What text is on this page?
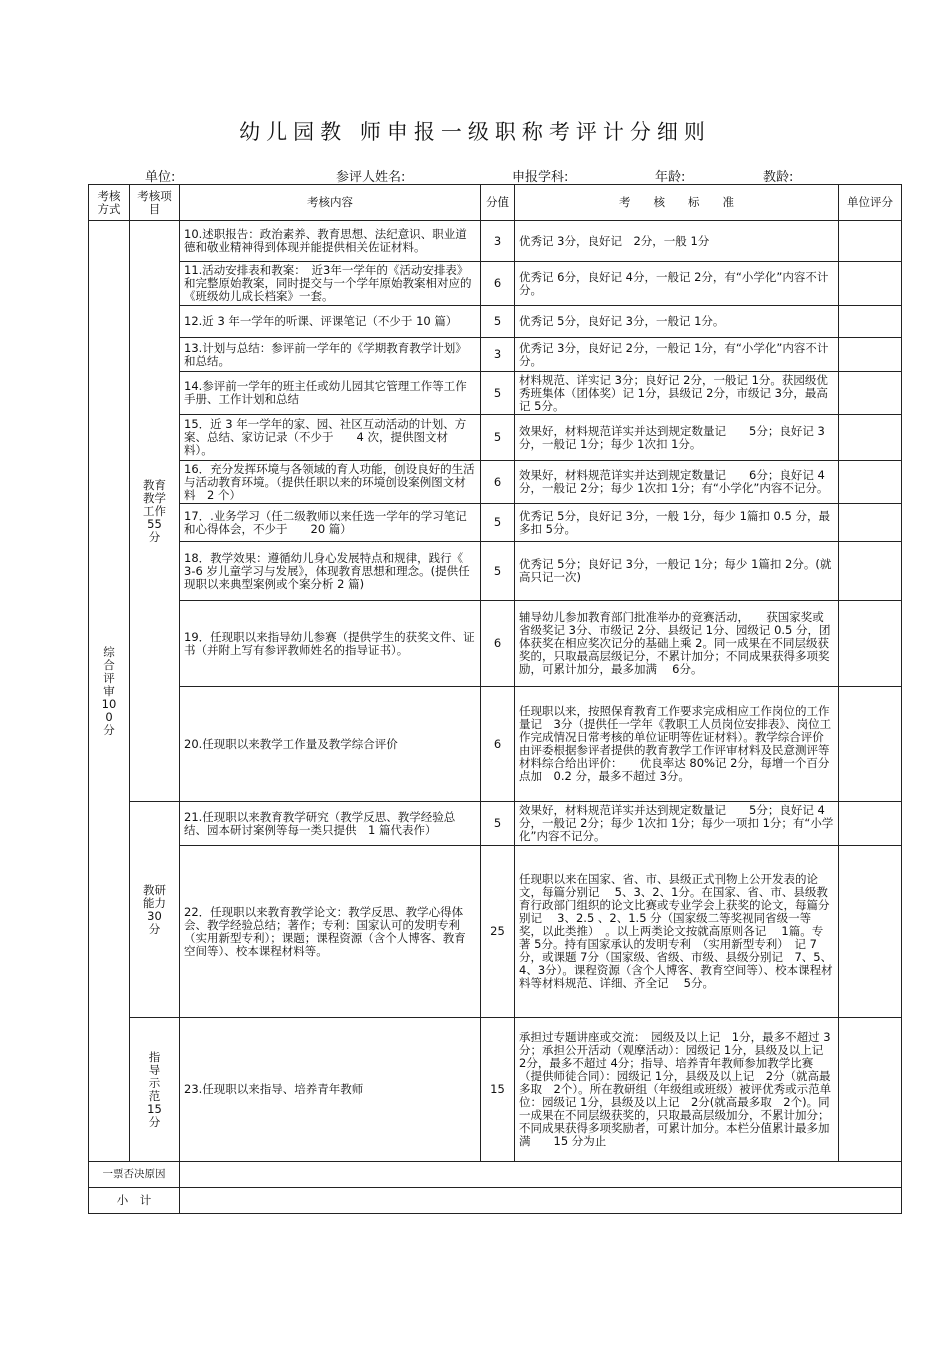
幼儿园教 师申报一级职称考评计分细则
单位:	参评人姓名:	申报学科:	年龄:	教龄:
考核方式	考核项目	考核内容	分值	考　　核　　标　　准	单位评分

综合评审100分	教育教学工作55分	10.述职报告：政治素养、教育思想、法纪意识、职业道德和敬业精神得到体现并能提供相关佐证材料。	3	优秀记 3分，良好记　2分，一般 1分	
		11.活动安排表和教案：　近3年一学年的《活动安排表》和完整原始教案，同时提交与一个学年原始教案相对应的《班级幼儿成长档案》一套。	6	优秀记 6分，良好记 4分，一般记 2分，有“小学化”内容不计分。	
		12.近 3 年一学年的听课、评课笔记（不少于 10 篇）	5	优秀记 5分，良好记 3分，一般记 1分。	
		13.计划与总结：参评前一学年的《学期教育教学计划》和总结。	3	优秀记 3分，良好记 2分，一般记 1分，有“小学化”内容不计分。	
		14.参评前一学年的班主任或幼儿园其它管理工作等工作手册、工作计划和总结	5	材料规范、详实记 3分；良好记 2分，一般记 1分。获园级优秀班集体（团体奖）记 1分，县级记 2分，市级记 3分，最高记 5分。	
		15．近 3 年一学年的家、园、社区互动活动的计划、方案、总结、家访记录（不少于　　4 次，提供图文材料）。	5	效果好，材料规范详实并达到规定数量记　　5分；良好记 3分，一般记 1分；每少 1次扣 1分。	
		16．充分发挥环境与各领域的育人功能，创设良好的生活与活动教育环境。（提供任职以来的环境创设案例图文材料　2 个）	6	效果好，材料规范详实并达到规定数量记　　6分；良好记 4分，一般记 2分；每少 1次扣 1分；有“小学化”内容不记分。	
		17．.业务学习（任二级教师以来任选一学年的学习笔记和心得体会，不少于　　20 篇）	5	优秀记 5分，良好记 3分，一般 1分，每少 1篇扣 0.5 分，最多扣 5分。	
		18．教学效果：遵循幼儿身心发展特点和规律，践行《 3-6 岁儿童学习与发展》，体现教育思想和理念。(提供任现职以来典型案例或个案分析 2 篇)	5	优秀记 5分；良好记 3分，一般记 1分；每少 1篇扣 2分。(就高只记一次)	
		19．任现职以来指导幼儿参赛（提供学生的获奖文件、证书（并附上写有参评教师姓名的指导证书）。	6	辅导幼儿参加教育部门批准举办的竞赛活动，　　获国家奖或省级奖记 3分、市级记 2分、县级记 1分、园级记 0.5 分，团体获奖在相应奖次记分的基础上乘 2。同一成果在不同层级获奖的，只取最高层级记分，不累计加分；不同成果获得多项奖励，可累计加分，最多加满　 6分。	
		20.任现职以来教学工作量及教学综合评价	6	任现职以来，按照保育教育工作要求完成相应工作岗位的工作量记　3分（提供任一学年《教职工人员岗位安排表》、岗位工作完成情况日常考核的单位证明等佐证材料）。教学综合评价由评委根据参评者提供的教育教学工作评审材料及民意测评等材料综合给出评价：　　优良率达 80%记 2分，每增一个百分点加　0.2 分，最多不超过 3分。	

	教研能力30分	21.任现职以来教育教学研究（教学反思、教学经验总结、园本研讨案例等每一类只提供　1 篇代表作）	5	效果好，材料规范详实并达到规定数量记　　5分；良好记 4分，一般记 2分；每少 1次扣 1分；每少一项扣 1分；有“小学化”内容不记分。	
		22．任现职以来教育教学论文：教学反思、教学心得体会、教学经验总结；著作；专利：国家认可的发明专利（实用新型专利）；课题；课程资源（含个人博客、教育空间等）、校本课程材料等。	25	任现职以来在国家、省、市、县级正式刊物上公开发表的论文，每篇分别记　 5、3、2、1分。在国家、省、市、县级教育行政部门组织的论文比赛或专业学会上获奖的论文，每篇分别记　 3、2.5 、2、1.5 分（国家级二等奖视同省级一等奖，以此类推）　。以上两类论文按就高原则各记　 1篇。专著 5分。持有国家承认的发明专利　（实用新型专利）　记 7分，或课题 7分（国家级、省级、市级、县级分别记　7、5、4、3分）。课程资源（含个人博客、教育空间等）、校本课程材料等材料规范、详细、齐全记　 5分。	

	指导示范15分	23.任现职以来指导、培养青年教师	15	承担过专题讲座或交流：　园级及以上记　1分，最多不超过 3分；承担公开活动（观摩活动）：园级记 1分，县级及以上记　2分，最多不超过 4分；指导、培养青年教师参加教学比赛（提供师徒合同）：园级记 1分，县级及以上记　2分（就高最多取　2个）。所在教研组（年级组或班级）被评优秀或示范单位：园级记 1分，县级及以上记　2分(就高最多取　2个)。同一成果在不同层级获奖的，只取最高层级加分，不累计加分；不同成果获得多项奖励者，可累计加分。本栏分值累计最多加满　　15 分为止	
一票否决原因					
小　计					
